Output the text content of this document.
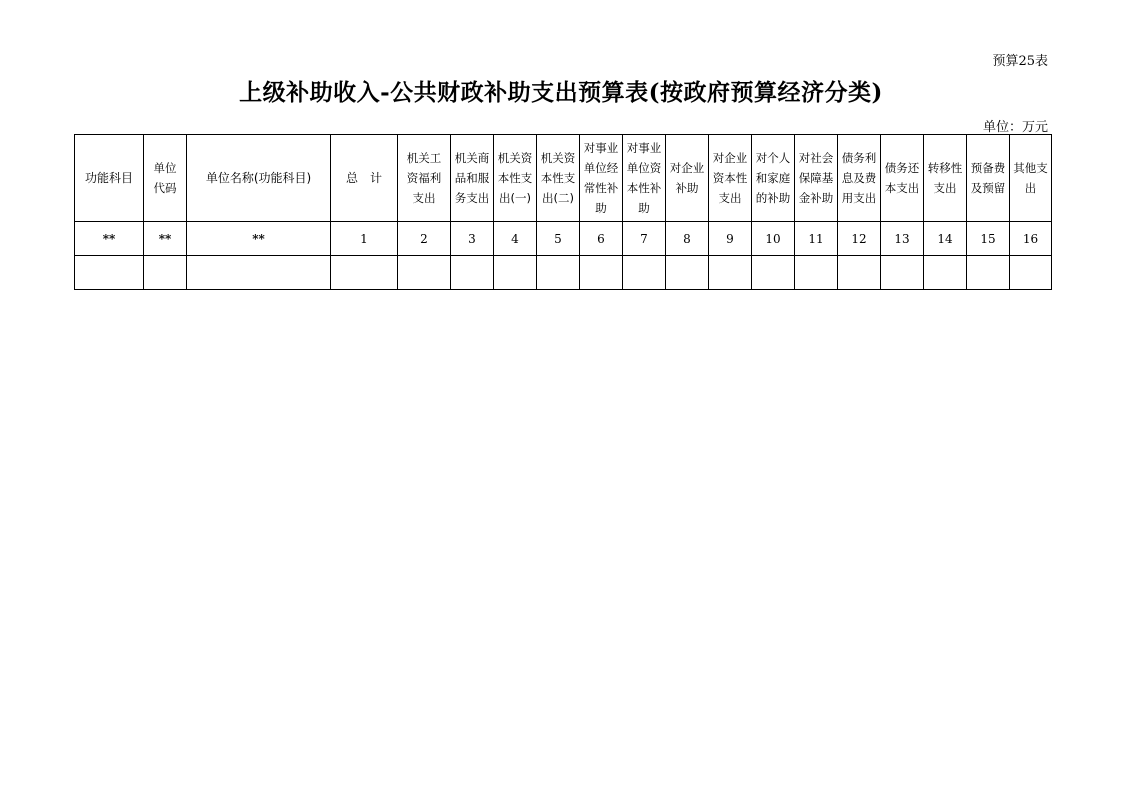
预算25表
上级补助收入-公共财政补助支出预算表(按政府预算经济分类)
单位：万元
功能科目	单位代码	单位名称(功能科目)	总　计	机关工资福利支出	机关商品和服务支出	机关资本性支出(一)	机关资本性支出(二)	对事业单位经常性补助	对事业单位资本性补助	对企业补助	对企业资本性支出	对个人和家庭的补助	对社会保障基金补助	债务利息及费用支出	债务还本支出	转移性支出	预备费及预留	其他支出

**	**	**	1	2	3	4	5	6	7	8	9	10	11	12	13	14	15	16
